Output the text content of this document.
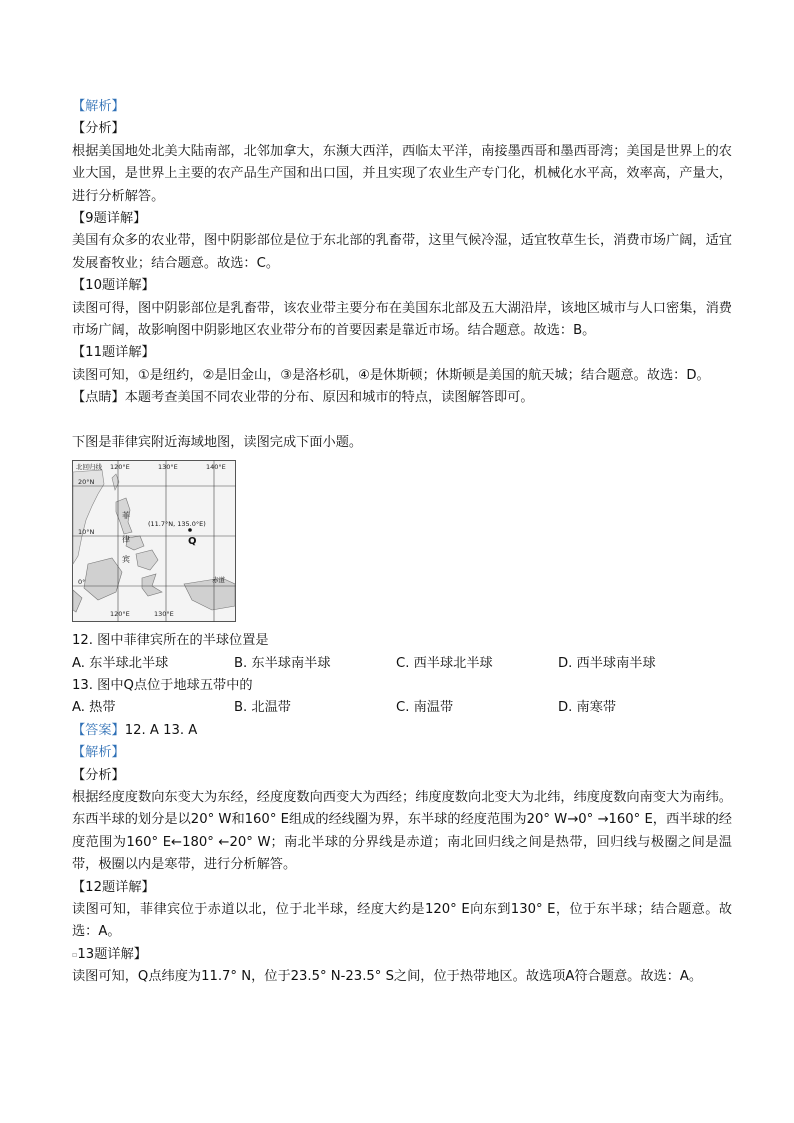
【解析】
【分析】
根据美国地处北美大陆南部，北邻加拿大，东濒大西洋，西临太平洋，南接墨西哥和墨西哥湾；美国是世界上的农业大国，是世界上主要的农产品生产国和出口国，并且实现了农业生产专门化，机械化水平高，效率高，产量大，进行分析解答。
【9题详解】
美国有众多的农业带，图中阴影部位是位于东北部的乳畜带，这里气候冷湿，适宜牧草生长，消费市场广阔，适宜发展畜牧业；结合题意。故选：C。
【10题详解】
读图可得，图中阴影部位是乳畜带，该农业带主要分布在美国东北部及五大湖沿岸，该地区城市与人口密集，消费市场广阔，故影响图中阴影地区农业带分布的首要因素是靠近市场。结合题意。故选：B。
【11题详解】
读图可知，①是纽约，②是旧金山，③是洛杉矶，④是休斯顿；休斯顿是美国的航天城；结合题意。故选：D。
【点睛】本题考查美国不同农业带的分布、原因和城市的特点，读图解答即可。
下图是菲律宾附近海域地图，读图完成下面小题。
北回归线 120°E	130°E	140°E
20°N
10°N
0°
菲
律
宾
(11.7°N, 135.0°E)
Q
赤道
120°E	130°E
12. 图中菲律宾所在的半球位置是
A. 东半球北半球	B. 东半球南半球	C. 西半球北半球	D. 西半球南半球
13. 图中Q点位于地球五带中的
A. 热带	B. 北温带	C. 南温带	D. 南寒带
【答案】12. A 13. A
【解析】
【分析】
根据经度度数向东变大为东经，经度度数向西变大为西经；纬度度数向北变大为北纬，纬度度数向南变大为南纬。东西半球的划分是以20° W和160° E组成的经线圈为界，东半球的经度范围为20° W→0° →160° E，西半球的经度范围为160° E←180° ←20° W；南北半球的分界线是赤道；南北回归线之间是热带，回归线与极圈之间是温带，极圈以内是寒带，进行分析解答。
【12题详解】
读图可知，菲律宾位于赤道以北，位于北半球，经度大约是120° E向东到130° E，位于东半球；结合题意。故选：A。
▫13题详解】
读图可知，Q点纬度为11.7° N，位于23.5° N-23.5° S之间，位于热带地区。故选项A符合题意。故选：A。
